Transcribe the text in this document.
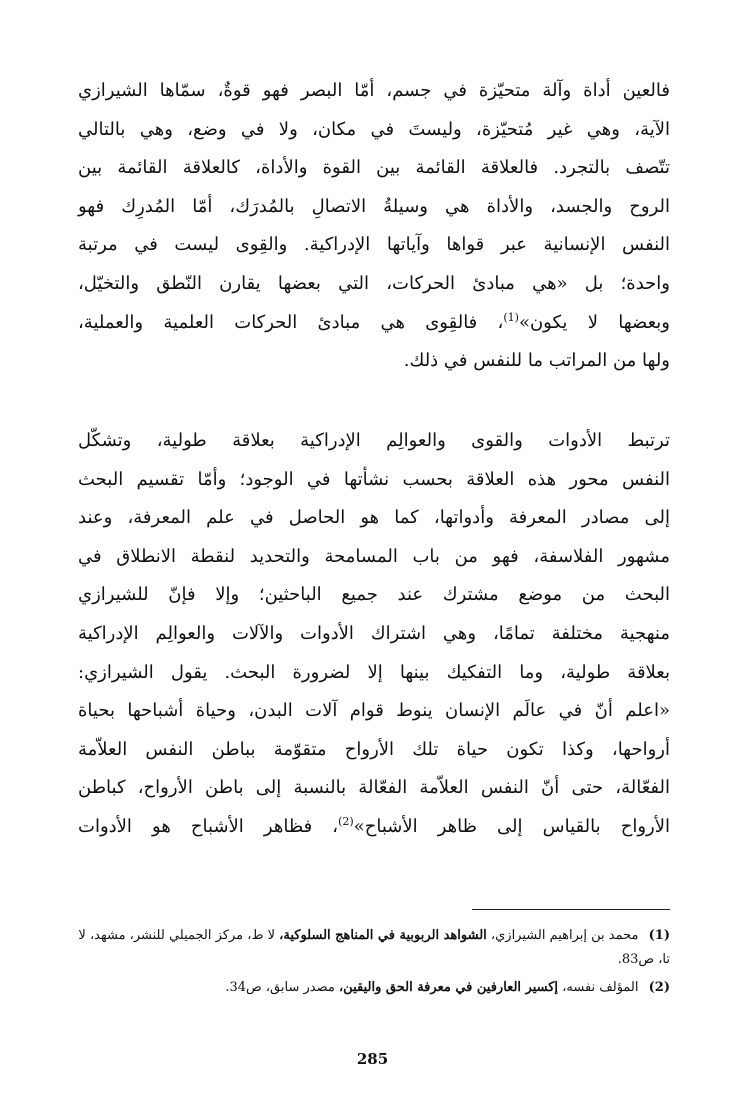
فالعين أداة وآلة متحيّزة في جسم، أمّا البصر فهو قوةٌ، سمّاها الشيرازي
الآية، وهي غير مُتحيّزة، وليستَ في مكان، ولا في وضع، وهي بالتالي
تتّصف بالتجرد. فالعلاقة القائمة بين القوة والأداة، كالعلاقة القائمة بين
الروح والجسد، والأداة هي وسيلةُ الاتصالِ بالمُدرَك، أمّا المُدرِك فهو
النفس الإنسانية عبر قواها وآياتها الإدراكية. والقِوى ليست في مرتبة
واحدة؛ بل «هي مبادئ الحركات، التي بعضها يقارن النّطق والتخيّل،
وبعضها لا يكون»$^{(1)}$، فالقِوى هي مبادئ الحركات العلمية والعملية،
ولها من المراتب ما للنفس في ذلك.
ترتبط الأدوات والقوى والعوالِم الإدراكية بعلاقة طولية، وتشكّل
النفس محور هذه العلاقة بحسب نشأتها في الوجود؛ وأمّا تقسيم البحث
إلى مصادر المعرفة وأدواتها، كما هو الحاصل في علم المعرفة، وعند
مشهور الفلاسفة، فهو من باب المسامحة والتحديد لنقطة الانطلاق في
البحث من موضع مشترك عند جميع الباحثين؛ وإلا فإنّ للشيرازي
منهجية مختلفة تمامًا، وهي اشتراك الأدوات والآلات والعوالِم الإدراكية
بعلاقة طولية، وما التفكيك بينها إلا لضرورة البحث. يقول الشيرازي:
«اعلم أنّ في عالَم الإنسان ينوط قوام آلات البدن، وحياة أشباحها بحياة
أرواحها، وكذا تكون حياة تلك الأرواح متقوّمة بباطن النفس العلاّمة
الفعّالة، حتى أنّ النفس العلاّمة الفعّالة بالنسبة إلى باطن الأرواح، كباطن
الأرواح بالقياس إلى ظاهر الأشباح»$^{(2)}$، فظاهر الأشباح هو الأدوات
(1) محمد بن إبراهيم الشيرازي، الشواهد الربوبية في المناهج السلوكية، لا ط، مركز الجميلي للنشر، مشهد، لا تا، ص83.
(2) المؤلف نفسه، إكسير العارفين في معرفة الحق واليقين، مصدر سابق، ص34.
285
